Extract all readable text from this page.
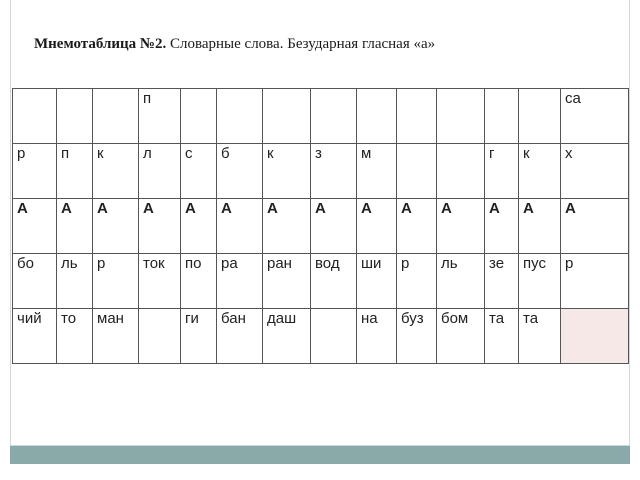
Мнемотаблица №2. Словарные слова. Безударная гласная «а»

			п										са

р	п	к	л	с	б	к	з	м			г	к	х

А	А	А	А	А	А	А	А	А	А	А	А	А	А

бо	ль	р	ток	по	ра	ран	вод	ши	р	ль	зе	пус	р

чий	то	ман		ги	бан	даш		на	буз	бом	та	та	
